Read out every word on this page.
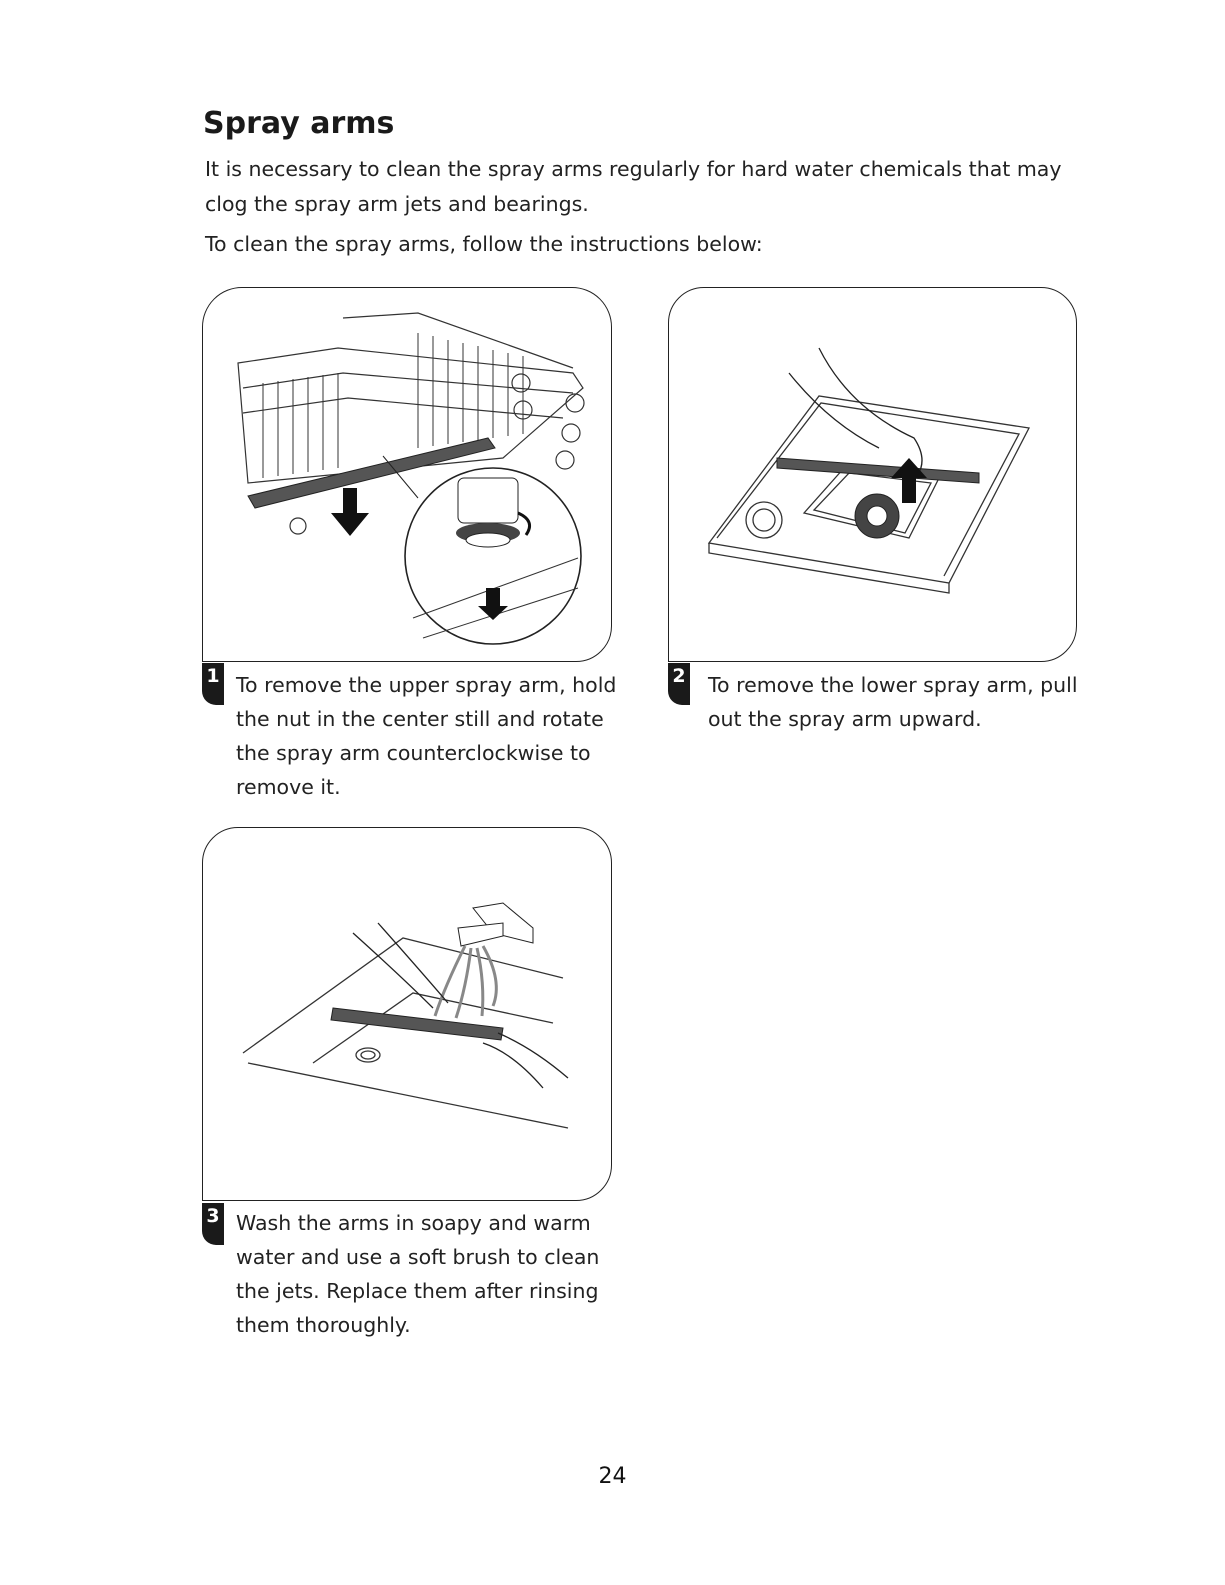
Spray arms

It is necessary to clean the spray arms regularly for hard water chemicals that may clog the spray arm jets and bearings.

To clean the spray arms, follow the instructions below:

1 To remove the upper spray arm, hold the nut in the center still and rotate the spray arm counterclockwise to remove it.

2 To remove the lower spray arm, pull out the spray arm upward.

3 Wash the arms in soapy and warm water and use a soft brush to clean the jets. Replace them after rinsing them thoroughly.

24
